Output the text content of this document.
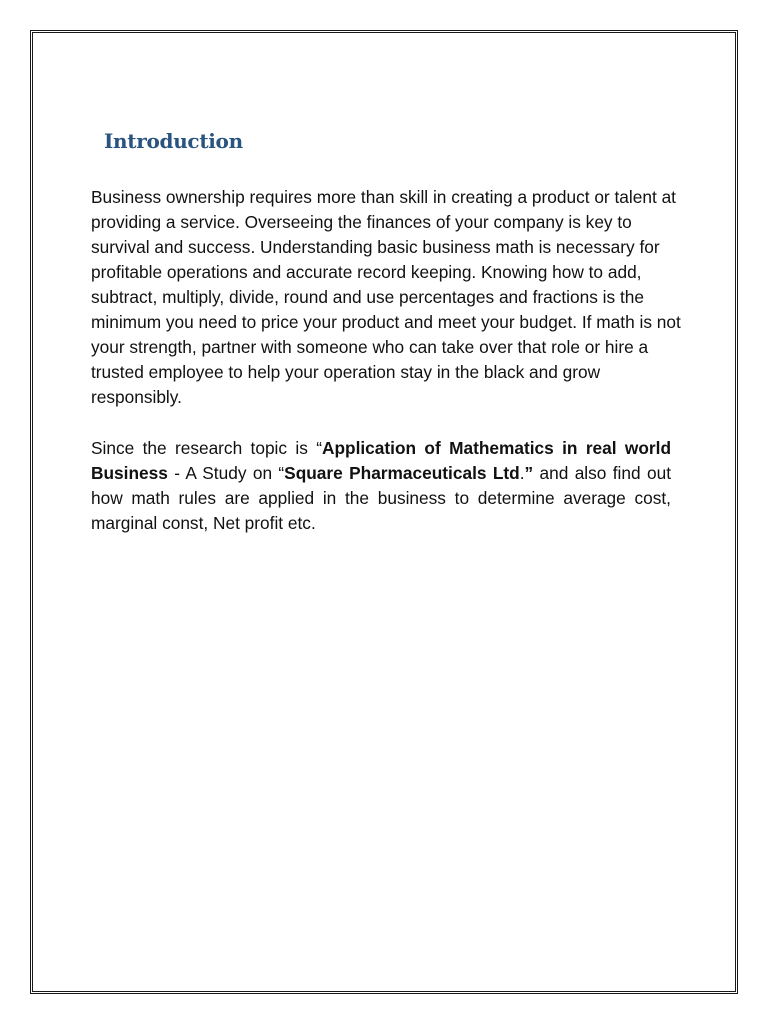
Introduction

Business ownership requires more than skill in creating a product or talent at providing a service. Overseeing the finances of your company is key to survival and success. Understanding basic business math is necessary for profitable operations and accurate record keeping. Knowing how to add, subtract, multiply, divide, round and use percentages and fractions is the minimum you need to price your product and meet your budget. If math is not your strength, partner with someone who can take over that role or hire a trusted employee to help your operation stay in the black and grow responsibly.

Since the research topic is “Application of Mathematics in real world Business - A Study on “Square Pharmaceuticals Ltd.” and also find out how math rules are applied in the business to determine average cost, marginal const, Net profit etc.
